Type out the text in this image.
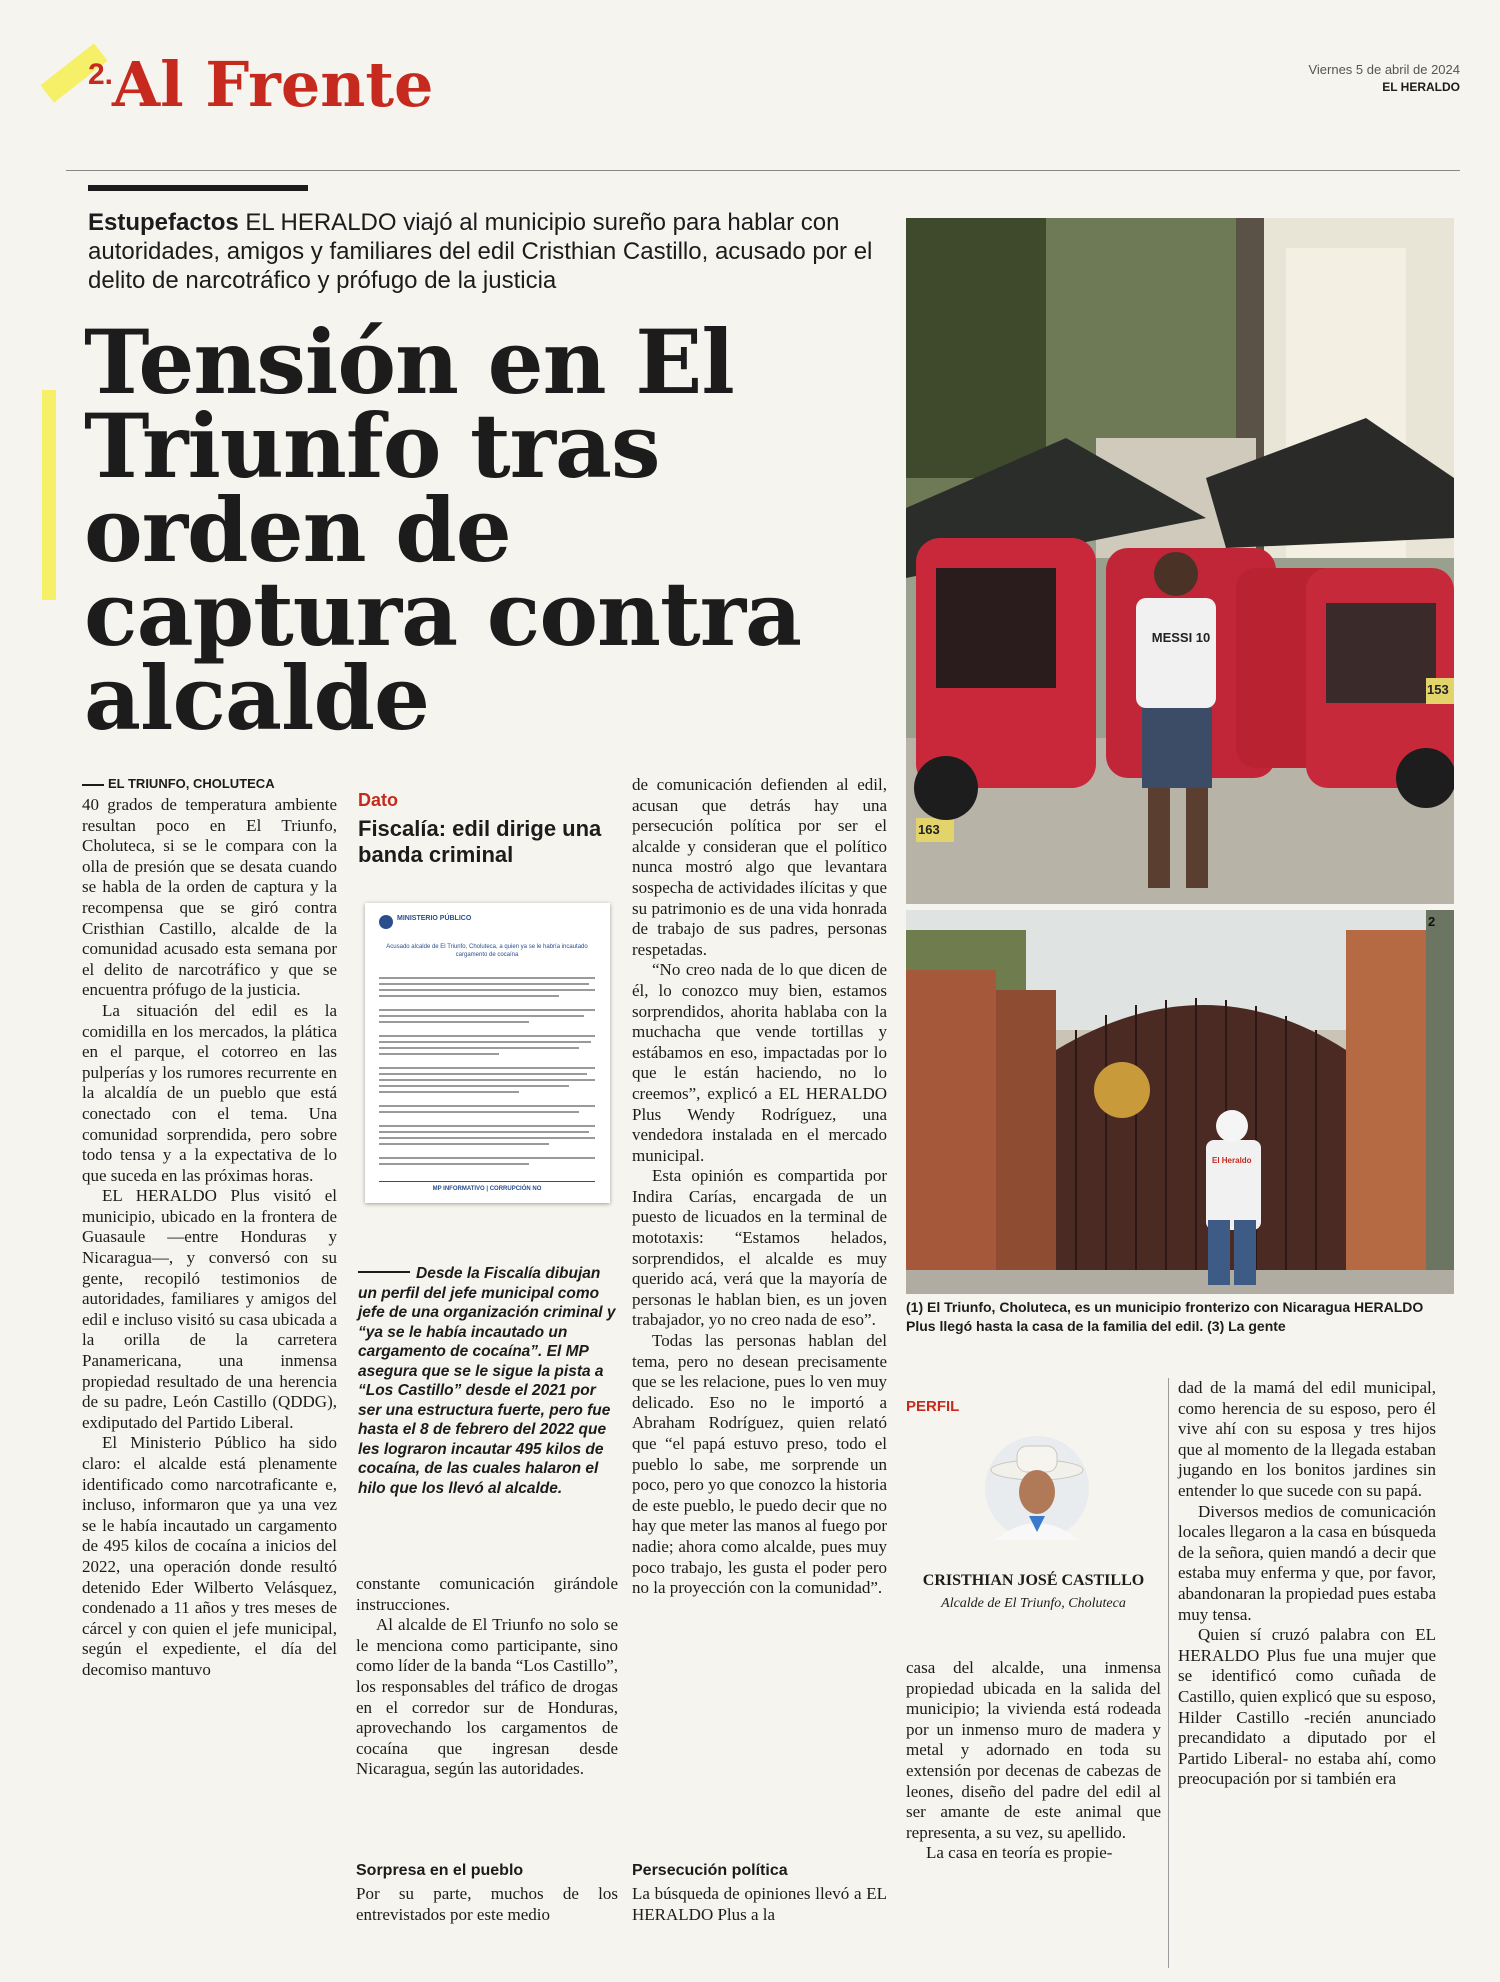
2.
Al Frente	Viernes 5 de abril de 2024
EL HERALDO
Estupefactos EL HERALDO viajó al municipio sureño para hablar con autoridades, amigos y familiares del edil Cristhian Castillo, acusado por el delito de narcotráfico y prófugo de la justicia
Tensión en El Triunfo tras orden de captura contra alcalde
MESSI 10
153
163
2
El Heraldo
(1) El Triunfo, Choluteca, es un municipio fronterizo con Nicaragua HERALDO Plus llegó hasta la casa de la familia del edil. (3) La gente
EL TRIUNFO, CHOLUTECA

40 grados de temperatura ambiente resultan poco en El Triunfo, Choluteca, si se le compara con la olla de presión que se desata cuando se habla de la orden de captura y la recompensa que se giró contra Cristhian Castillo, alcalde de la comunidad acusado esta semana por el delito de narcotráfico y que se encuentra prófugo de la justicia.

La situación del edil es la comidilla en los mercados, la plática en el parque, el cotorreo en las pulperías y los rumores recurrente en la alcaldía de un pueblo que está conectado con el tema. Una comunidad sorprendida, pero sobre todo tensa y a la expectativa de lo que suceda en las próximas horas.

EL HERALDO Plus visitó el municipio, ubicado en la frontera de Guasaule —entre Honduras y Nicaragua—, y conversó con su gente, recopiló testimonios de autoridades, familiares y amigos del edil e incluso visitó su casa ubicada a la orilla de la carretera Panamericana, una inmensa propiedad resultado de una herencia de su padre, León Castillo (QDDG), exdiputado del Partido Liberal.

El Ministerio Público ha sido claro: el alcalde está plenamente identificado como narcotraficante e, incluso, informaron que ya una vez se le había incautado un cargamento de 495 kilos de cocaína a inicios del 2022, una operación donde resultó detenido Eder Wilberto Velásquez, condenado a 11 años y tres meses de cárcel y con quien el jefe municipal, según el expediente, el día del decomiso mantuvo

Dato
Fiscalía: edil dirige una banda criminal
MINISTERIO PÚBLICO
Acusado alcalde de El Triunfo, Choluteca, a quien ya se le habría incautado cargamento de cocaína
MP INFORMATIVO | CORRUPCIÓN NO
Desde la Fiscalía dibujan un perfil del jefe municipal como jefe de una organización criminal y “ya se le había incautado un cargamento de cocaína”. El MP asegura que se le sigue la pista a “Los Castillo” desde el 2021 por ser una estructura fuerte, pero fue hasta el 8 de febrero del 2022 que les lograron incautar 495 kilos de cocaína, de las cuales halaron el hilo que los llevó al alcalde.

constante comunicación girándole instrucciones.

Al alcalde de El Triunfo no solo se le menciona como participante, sino como líder de la banda “Los Castillo”, los responsables del tráfico de drogas en el corredor sur de Honduras, aprovechando los cargamentos de cocaína que ingresan desde Nicaragua, según las autoridades.

Sorpresa en el pueblo

Por su parte, muchos de los entrevistados por este medio

de comunicación defienden al edil, acusan que detrás hay una persecución política por ser el alcalde y consideran que el político nunca mostró algo que levantara sospecha de actividades ilícitas y que su patrimonio es de una vida honrada de trabajo de sus padres, personas respetadas.

“No creo nada de lo que dicen de él, lo conozco muy bien, estamos sorprendidos, ahorita hablaba con la muchacha que vende tortillas y estábamos en eso, impactadas por lo que le están haciendo, no lo creemos”, explicó a EL HERALDO Plus Wendy Rodríguez, una vendedora instalada en el mercado municipal.

Esta opinión es compartida por Indira Carías, encargada de un puesto de licuados en la terminal de mototaxis: “Estamos helados, sorprendidos, el alcalde es muy querido acá, verá que la mayoría de personas le hablan bien, es un joven trabajador, yo no creo nada de eso”.

Todas las personas hablan del tema, pero no desean precisamente que se les relacione, pues lo ven muy delicado. Eso no le importó a Abraham Rodríguez, quien relató que “el papá estuvo preso, todo el pueblo lo sabe, me sorprende un poco, pero yo que conozco la historia de este pueblo, le puedo decir que no hay que meter las manos al fuego por nadie; ahora como alcalde, pues muy poco trabajo, les gusta el poder pero no la proyección con la comunidad”.

Persecución política

La búsqueda de opiniones llevó a EL HERALDO Plus a la

PERFIL
CRISTHIAN JOSÉ CASTILLO
Alcalde de El Triunfo, Choluteca

casa del alcalde, una inmensa propiedad ubicada en la salida del municipio; la vivienda está rodeada por un inmenso muro de madera y metal y adornado en toda su extensión por decenas de cabezas de leones, diseño del padre del edil al ser amante de este animal que representa, a su vez, su apellido.

La casa en teoría es propie-

dad de la mamá del edil municipal, como herencia de su esposo, pero él vive ahí con su esposa y tres hijos que al momento de la llegada estaban jugando en los bonitos jardines sin entender lo que sucede con su papá.

Diversos medios de comunicación locales llegaron a la casa en búsqueda de la señora, quien mandó a decir que estaba muy enferma y que, por favor, abandonaran la propiedad pues estaba muy tensa.

Quien sí cruzó palabra con EL HERALDO Plus fue una mujer que se identificó como cuñada de Castillo, quien explicó que su esposo, Hilder Castillo -recién anunciado precandidato a diputado por el Partido Liberal- no estaba ahí, como preocupación por si también era
